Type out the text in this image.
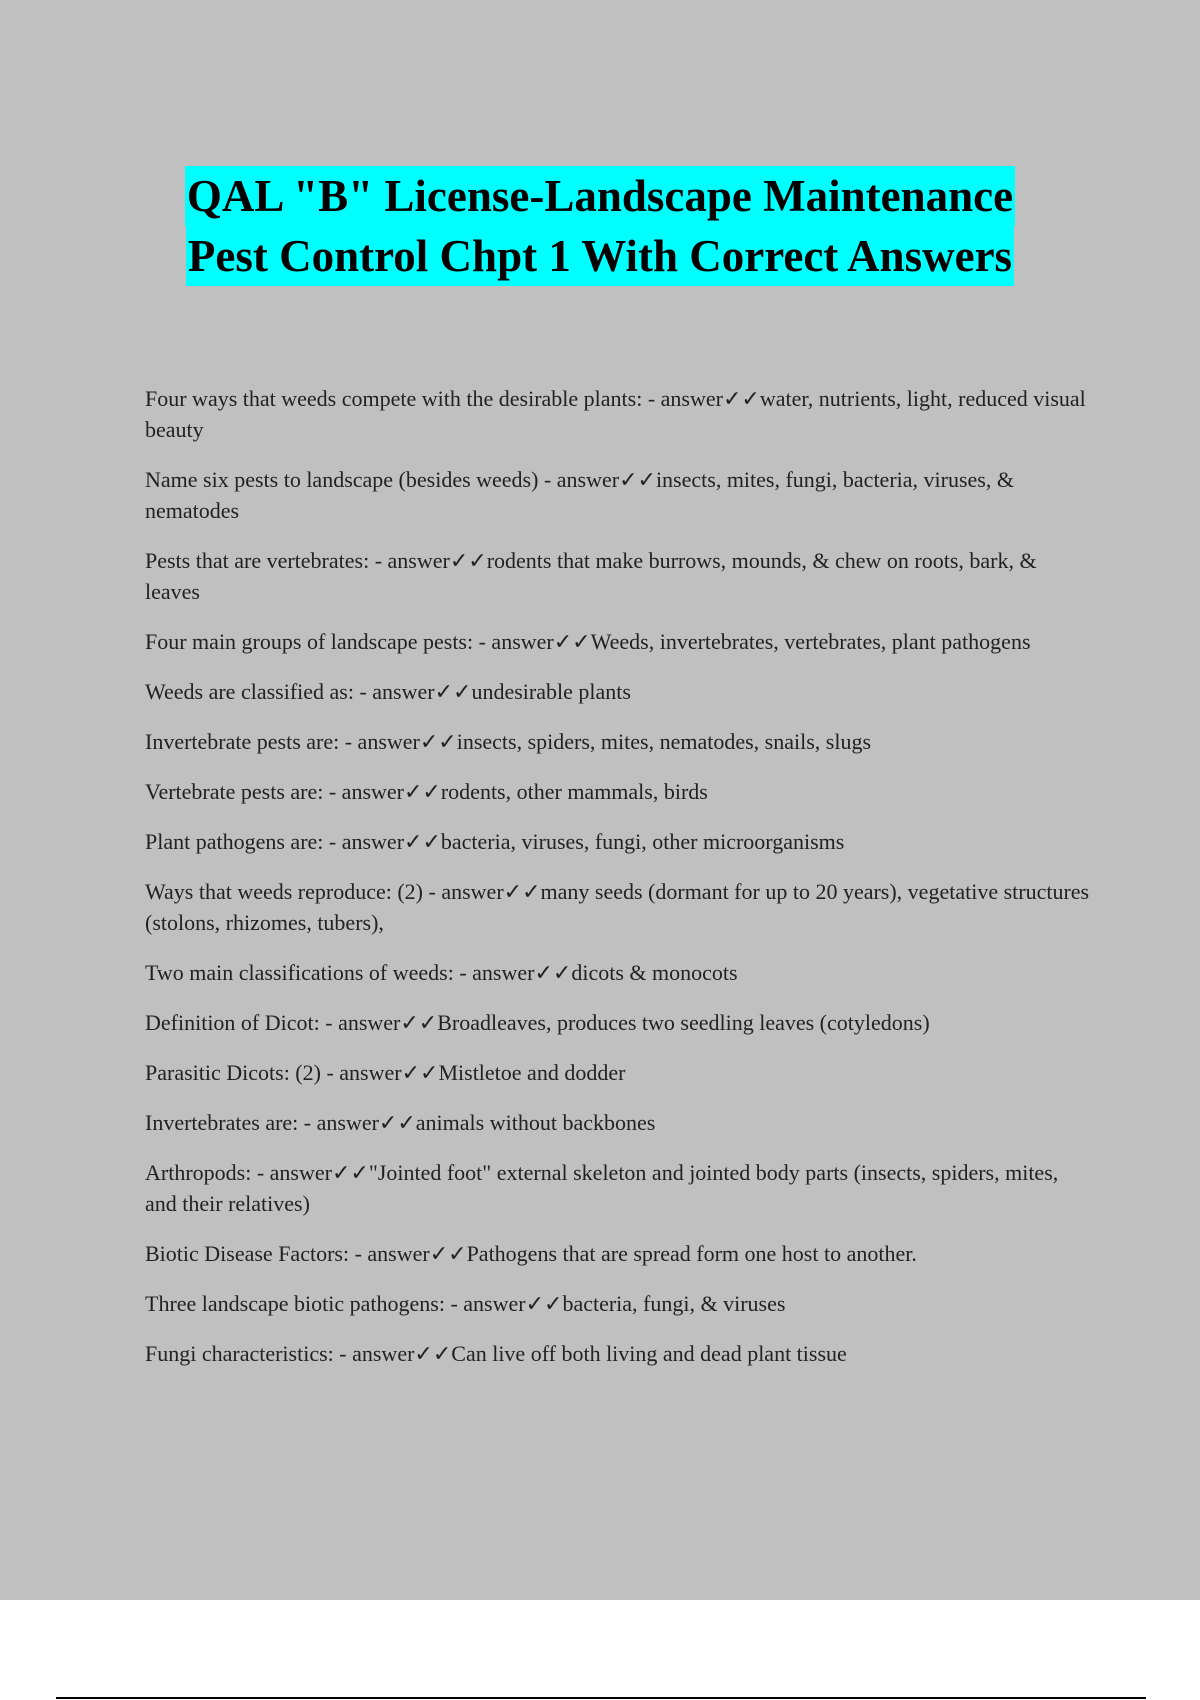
QAL "B" License-Landscape Maintenance
Pest Control Chpt 1 With Correct Answers
Four ways that weeds compete with the desirable plants: - answer✓✓water, nutrients, light, reduced visual beauty
Name six pests to landscape (besides weeds) - answer✓✓insects, mites, fungi, bacteria, viruses, & nematodes
Pests that are vertebrates: - answer✓✓rodents that make burrows, mounds, & chew on roots, bark, & leaves
Four main groups of landscape pests: - answer✓✓Weeds, invertebrates, vertebrates, plant pathogens
Weeds are classified as: - answer✓✓undesirable plants
Invertebrate pests are: - answer✓✓insects, spiders, mites, nematodes, snails, slugs
Vertebrate pests are: - answer✓✓rodents, other mammals, birds
Plant pathogens are: - answer✓✓bacteria, viruses, fungi, other microorganisms
Ways that weeds reproduce: (2) - answer✓✓many seeds (dormant for up to 20 years), vegetative structures (stolons, rhizomes, tubers),
Two main classifications of weeds: - answer✓✓dicots & monocots
Definition of Dicot: - answer✓✓Broadleaves, produces two seedling leaves (cotyledons)
Parasitic Dicots: (2) - answer✓✓Mistletoe and dodder
Invertebrates are: - answer✓✓animals without backbones
Arthropods: - answer✓✓"Jointed foot" external skeleton and jointed body parts (insects, spiders, mites, and their relatives)
Biotic Disease Factors: - answer✓✓Pathogens that are spread form one host to another.
Three landscape biotic pathogens: - answer✓✓bacteria, fungi, & viruses
Fungi characteristics: - answer✓✓Can live off both living and dead plant tissue
